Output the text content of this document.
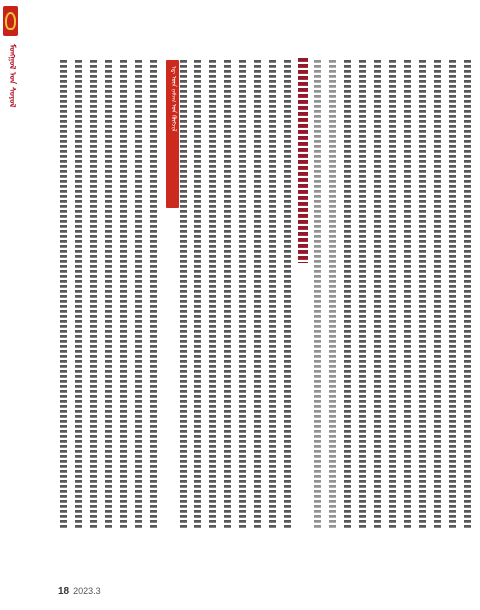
ᠮᠣᠩᠭᠣᠯ ᠤᠨ ᠰᠣᠶᠣᠯ	ᠡᠳ᠋ ᠦᠨ ᠵᠠᠰᠠᠭ ᠤᠨ ᠬᠥᠭᠵᠢᠯ
18 2023.3
